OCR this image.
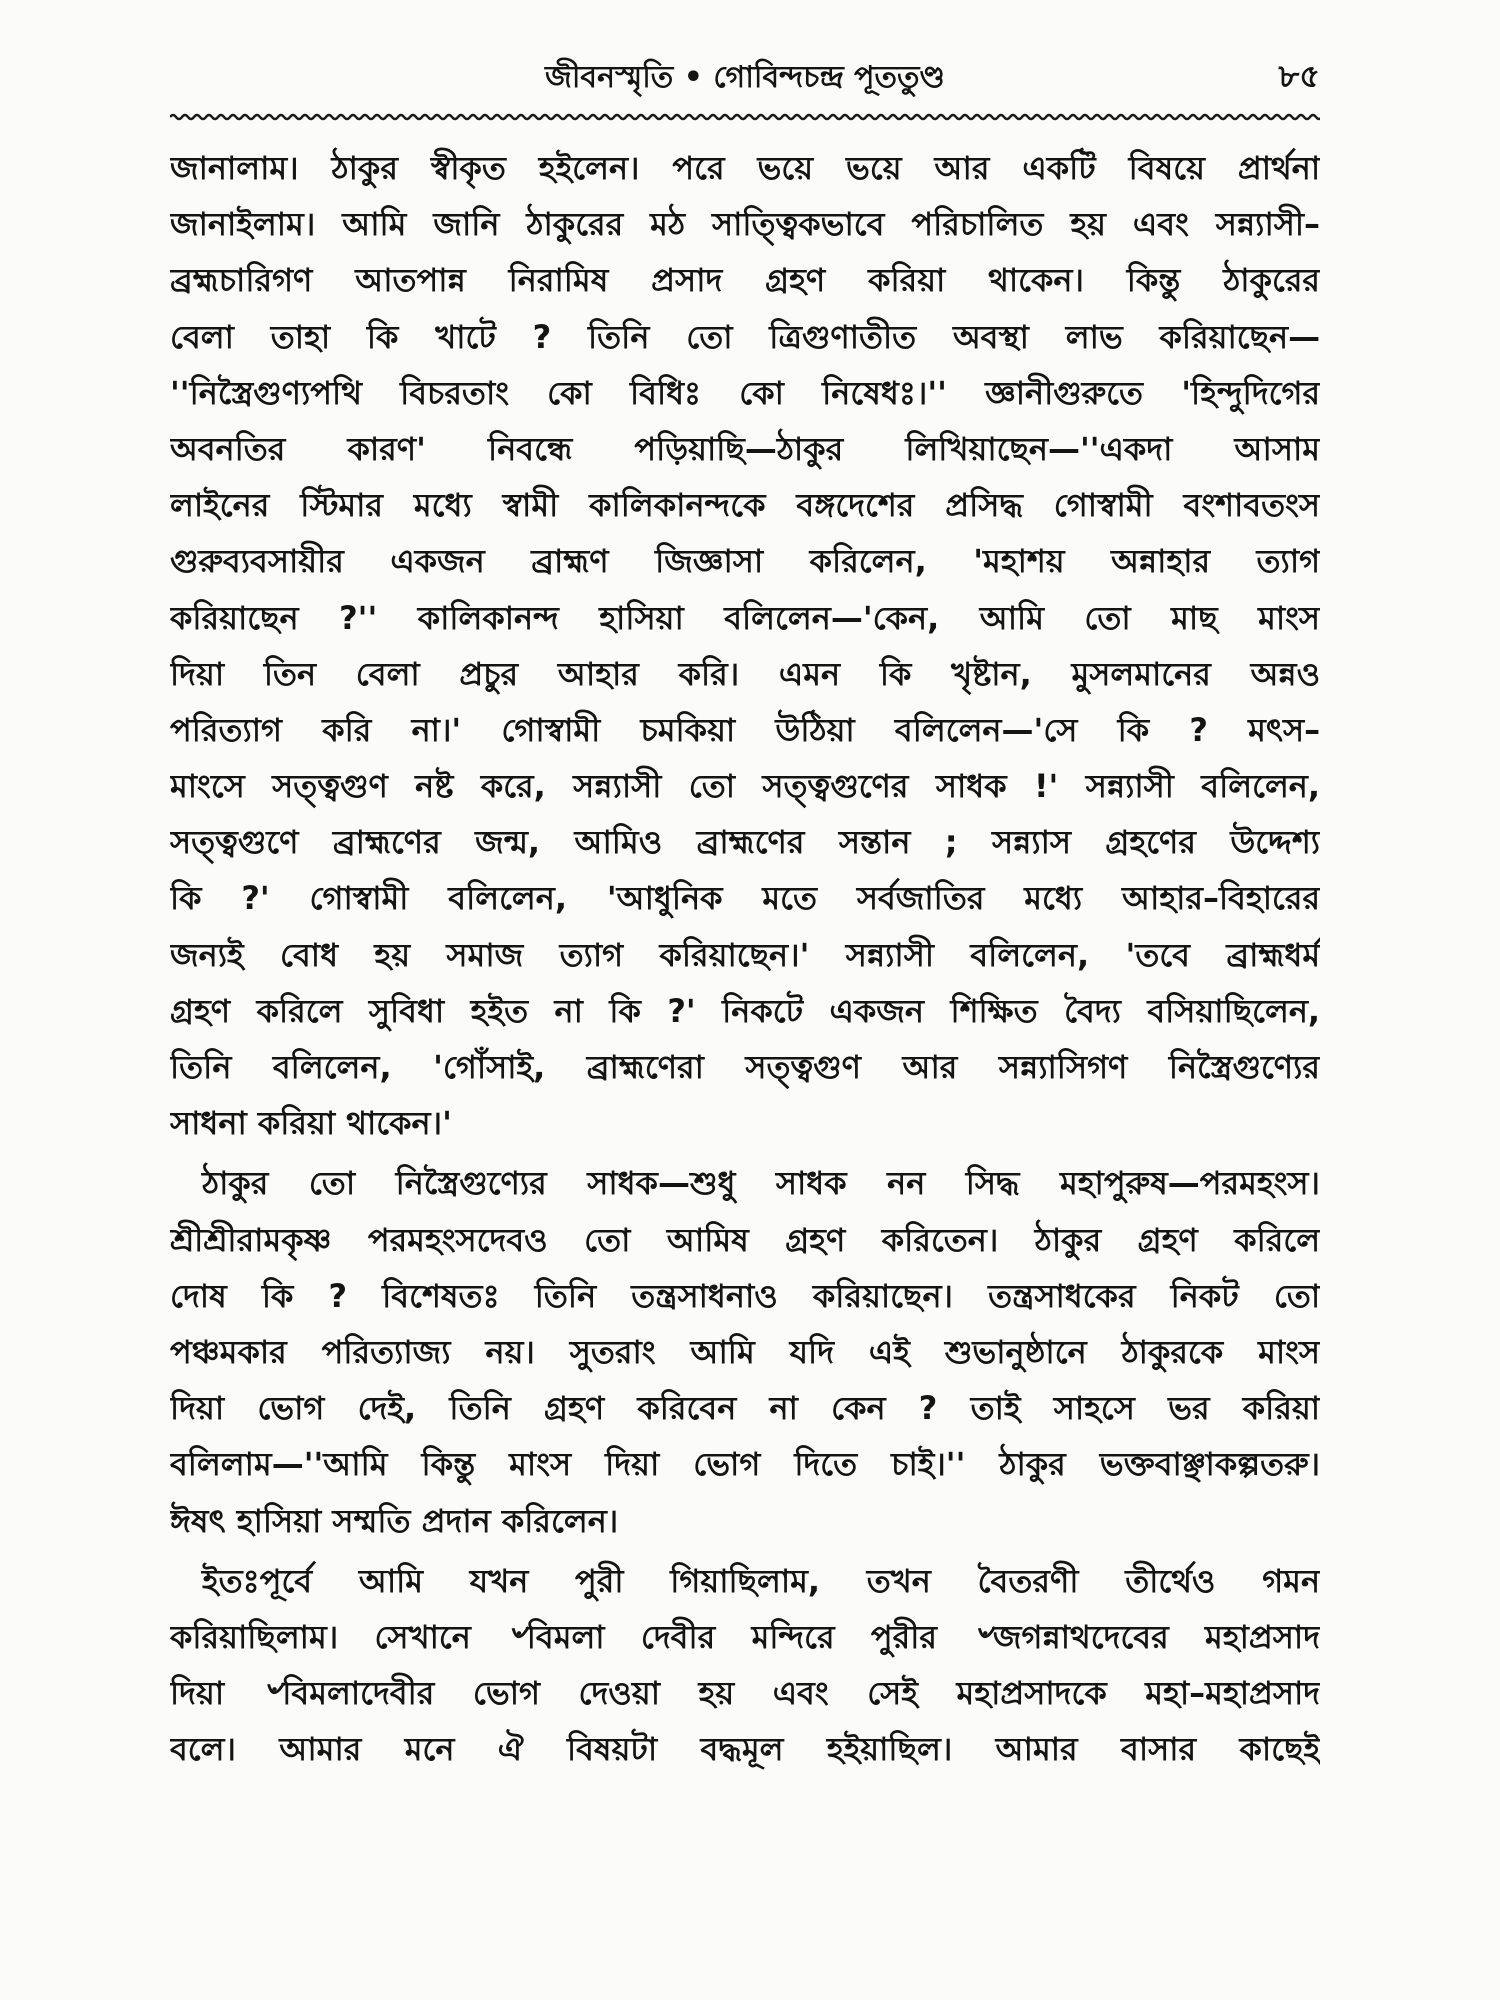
জীবনস্মৃতি • গোবিন্দচন্দ্র পূততুণ্ড	৮৫
জানালাম। ঠাকুর স্বীকৃত হইলেন। পরে ভয়ে ভয়ে আর একটি বিষয়ে প্রার্থনা
জানাইলাম। আমি জানি ঠাকুরের মঠ সাত্ত্বিকভাবে পরিচালিত হয় এবং সন্ন্যাসী–
ব্রহ্মচারিগণ আতপান্ন নিরামিষ প্রসাদ গ্রহণ করিয়া থাকেন। কিন্তু ঠাকুরের
বেলা তাহা কি খাটে ? তিনি তো ত্রিগুণাতীত অবস্থা লাভ করিয়াছেন—
''নিস্ত্রৈগুণ্যপথি বিচরতাং কো বিধিঃ কো নিষেধঃ।'' জ্ঞানীগুরুতে 'হিন্দুদিগের
অবনতির কারণ' নিবন্ধে পড়িয়াছি—ঠাকুর লিখিয়াছেন—''একদা আসাম
লাইনের স্টিমার মধ্যে স্বামী কালিকানন্দকে বঙ্গদেশের প্রসিদ্ধ গোস্বামী বংশাবতংস
গুরুব্যবসায়ীর একজন ব্রাহ্মণ জিজ্ঞাসা করিলেন, 'মহাশয় অন্নাহার ত্যাগ
করিয়াছেন ?'' কালিকানন্দ হাসিয়া বলিলেন—'কেন, আমি তো মাছ মাংস
দিয়া তিন বেলা প্রচুর আহার করি। এমন কি খৃষ্টান, মুসলমানের অন্নও
পরিত্যাগ করি না।' গোস্বামী চমকিয়া উঠিয়া বলিলেন—'সে কি ? মৎস–
মাংসে সত্ত্বগুণ নষ্ট করে, সন্ন্যাসী তো সত্ত্বগুণের সাধক !' সন্ন্যাসী বলিলেন,
সত্ত্বগুণে ব্রাহ্মণের জন্ম, আমিও ব্রাহ্মণের সন্তান ; সন্ন্যাস গ্রহণের উদ্দেশ্য
কি ?' গোস্বামী বলিলেন, 'আধুনিক মতে সর্বজাতির মধ্যে আহার–বিহারের
জন্যই বোধ হয় সমাজ ত্যাগ করিয়াছেন।' সন্ন্যাসী বলিলেন, 'তবে ব্রাহ্মধর্ম
গ্রহণ করিলে সুবিধা হইত না কি ?' নিকটে একজন শিক্ষিত বৈদ্য বসিয়াছিলেন,
তিনি বলিলেন, 'গোঁসাই, ব্রাহ্মণেরা সত্ত্বগুণ আর সন্ন্যাসিগণ নিস্ত্রৈগুণ্যের
সাধনা করিয়া থাকেন।'
ঠাকুর তো নিস্ত্রৈগুণ্যের সাধক—শুধু সাধক নন সিদ্ধ মহাপুরুষ—পরমহংস।
শ্রীশ্রীরামকৃষ্ণ পরমহংসদেবও তো আমিষ গ্রহণ করিতেন। ঠাকুর গ্রহণ করিলে
দোষ কি ? বিশেষতঃ তিনি তন্ত্রসাধনাও করিয়াছেন। তন্ত্রসাধকের নিকট তো
পঞ্চমকার পরিত্যাজ্য নয়। সুতরাং আমি যদি এই শুভানুষ্ঠানে ঠাকুরকে মাংস
দিয়া ভোগ দেই, তিনি গ্রহণ করিবেন না কেন ? তাই সাহসে ভর করিয়া
বলিলাম—''আমি কিন্তু মাংস দিয়া ভোগ দিতে চাই।'' ঠাকুর ভক্তবাঞ্ছাকল্পতরু।
ঈষৎ হাসিয়া সম্মতি প্রদান করিলেন।
ইতঃপূর্বে আমি যখন পুরী গিয়াছিলাম, তখন বৈতরণী তীর্থেও গমন
করিয়াছিলাম। সেখানে ৺বিমলা দেবীর মন্দিরে পুরীর ৺জগন্নাথদেবের মহাপ্রসাদ
দিয়া ৺বিমলাদেবীর ভোগ দেওয়া হয় এবং সেই মহাপ্রসাদকে মহা–মহাপ্রসাদ
বলে। আমার মনে ঐ বিষয়টা বদ্ধমূল হইয়াছিল। আমার বাসার কাছেই
